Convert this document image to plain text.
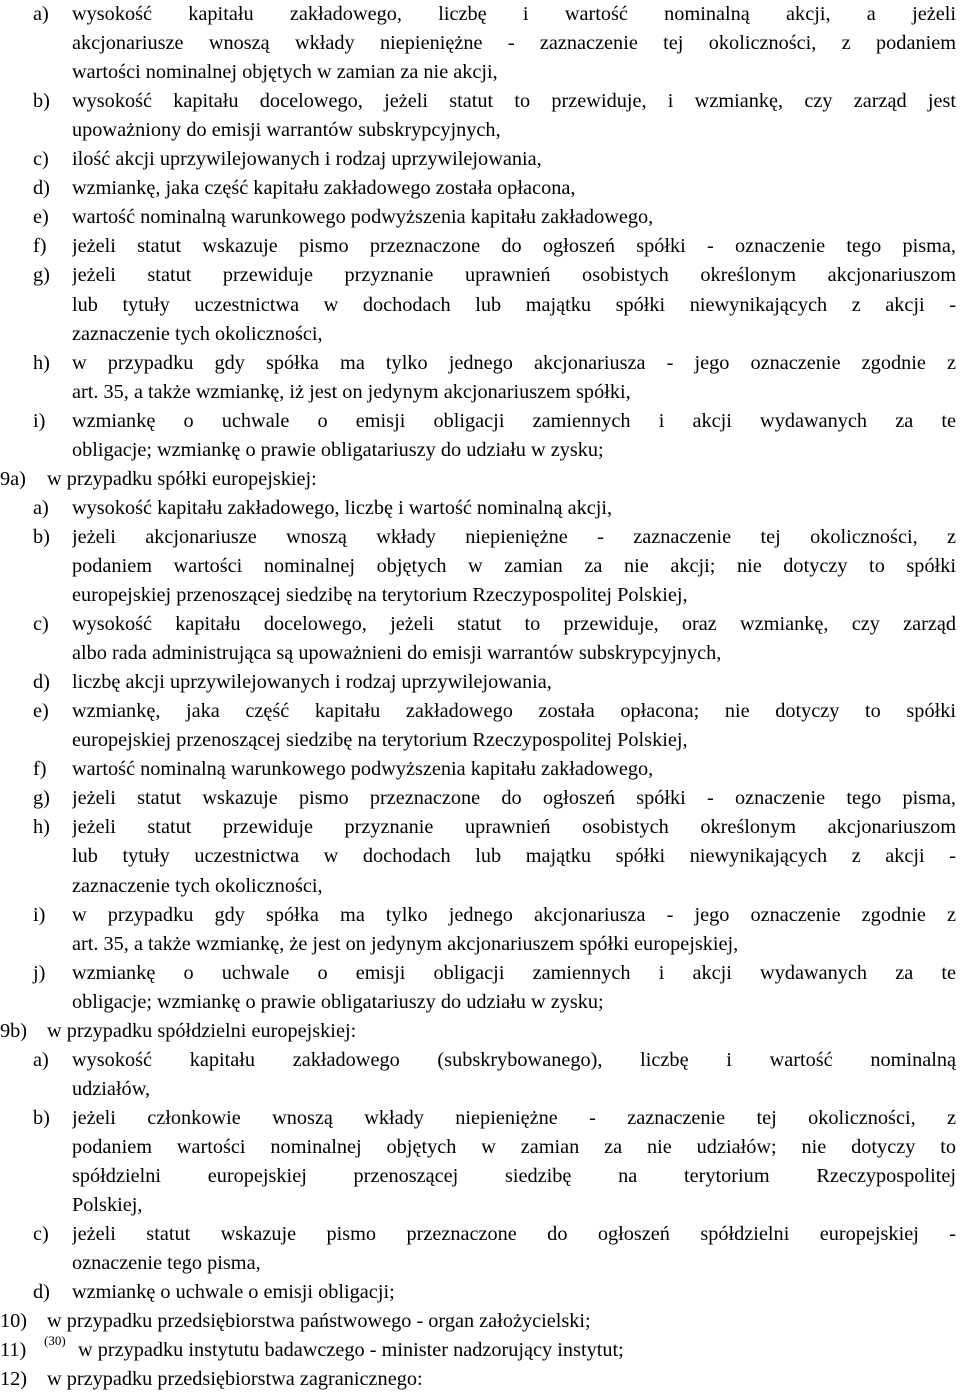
a) wysokość kapitału zakładowego, liczbę i wartość nominalną akcji, a jeżeli
akcjonariusze wnoszą wkłady niepieniężne - zaznaczenie tej okoliczności, z podaniem
wartości nominalnej objętych w zamian za nie akcji,
b) wysokość kapitału docelowego, jeżeli statut to przewiduje, i wzmiankę, czy zarząd jest
upoważniony do emisji warrantów subskrypcyjnych,
c) ilość akcji uprzywilejowanych i rodzaj uprzywilejowania,
d) wzmiankę, jaka część kapitału zakładowego została opłacona,
e) wartość nominalną warunkowego podwyższenia kapitału zakładowego,
f) jeżeli statut wskazuje pismo przeznaczone do ogłoszeń spółki - oznaczenie tego pisma,
g) jeżeli statut przewiduje przyznanie uprawnień osobistych określonym akcjonariuszom
lub tytuły uczestnictwa w dochodach lub majątku spółki niewynikających z akcji -
zaznaczenie tych okoliczności,
h) w przypadku gdy spółka ma tylko jednego akcjonariusza - jego oznaczenie zgodnie z
art. 35, a także wzmiankę, iż jest on jedynym akcjonariuszem spółki,
i) wzmiankę o uchwale o emisji obligacji zamiennych i akcji wydawanych za te
obligacje; wzmiankę o prawie obligatariuszy do udziału w zysku;
9a) w przypadku spółki europejskiej:
a) wysokość kapitału zakładowego, liczbę i wartość nominalną akcji,
b) jeżeli akcjonariusze wnoszą wkłady niepieniężne - zaznaczenie tej okoliczności, z
podaniem wartości nominalnej objętych w zamian za nie akcji; nie dotyczy to spółki
europejskiej przenoszącej siedzibę na terytorium Rzeczypospolitej Polskiej,
c) wysokość kapitału docelowego, jeżeli statut to przewiduje, oraz wzmiankę, czy zarząd
albo rada administrująca są upoważnieni do emisji warrantów subskrypcyjnych,
d) liczbę akcji uprzywilejowanych i rodzaj uprzywilejowania,
e) wzmiankę, jaka część kapitału zakładowego została opłacona; nie dotyczy to spółki
europejskiej przenoszącej siedzibę na terytorium Rzeczypospolitej Polskiej,
f) wartość nominalną warunkowego podwyższenia kapitału zakładowego,
g) jeżeli statut wskazuje pismo przeznaczone do ogłoszeń spółki - oznaczenie tego pisma,
h) jeżeli statut przewiduje przyznanie uprawnień osobistych określonym akcjonariuszom
lub tytuły uczestnictwa w dochodach lub majątku spółki niewynikających z akcji -
zaznaczenie tych okoliczności,
i) w przypadku gdy spółka ma tylko jednego akcjonariusza - jego oznaczenie zgodnie z
art. 35, a także wzmiankę, że jest on jedynym akcjonariuszem spółki europejskiej,
j) wzmiankę o uchwale o emisji obligacji zamiennych i akcji wydawanych za te
obligacje; wzmiankę o prawie obligatariuszy do udziału w zysku;
9b) w przypadku spółdzielni europejskiej:
a) wysokość kapitału zakładowego (subskrybowanego), liczbę i wartość nominalną
udziałów,
b) jeżeli członkowie wnoszą wkłady niepieniężne - zaznaczenie tej okoliczności, z
podaniem wartości nominalnej objętych w zamian za nie udziałów; nie dotyczy to
spółdzielni europejskiej przenoszącej siedzibę na terytorium Rzeczypospolitej
Polskiej,
c) jeżeli statut wskazuje pismo przeznaczone do ogłoszeń spółdzielni europejskiej -
oznaczenie tego pisma,
d) wzmiankę o uchwale o emisji obligacji;
10) w przypadku przedsiębiorstwa państwowego - organ założycielski;
11) (30) w przypadku instytutu badawczego - minister nadzorujący instytut;
12) w przypadku przedsiębiorstwa zagranicznego:
